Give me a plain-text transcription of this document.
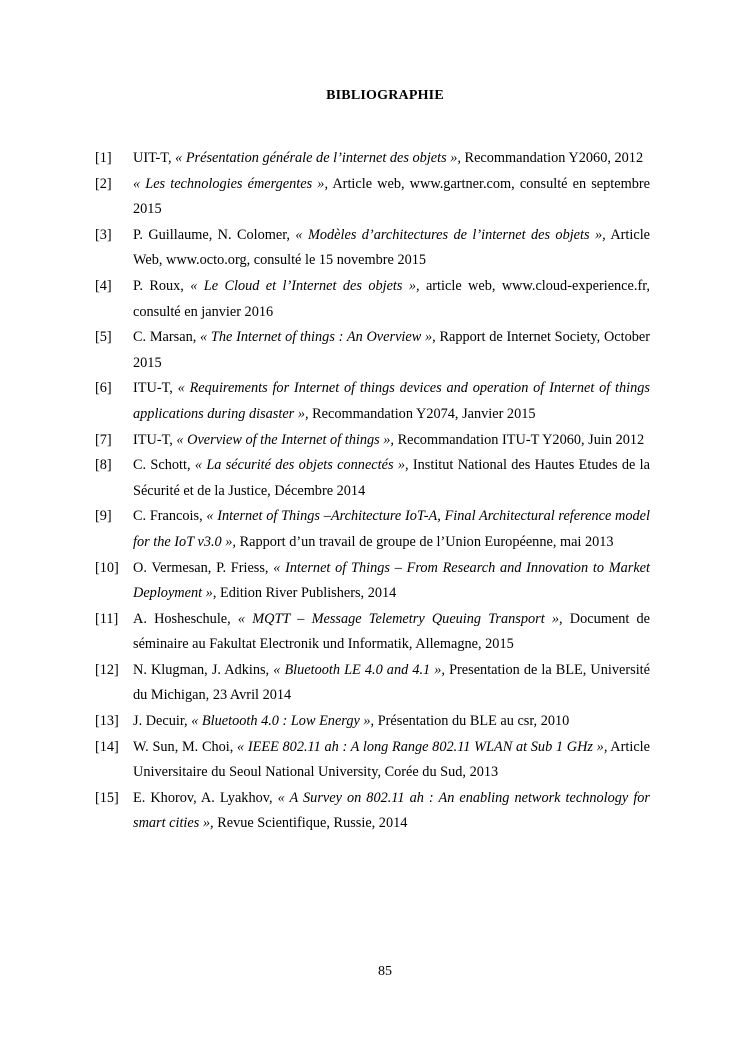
BIBLIOGRAPHIE
[1]	UIT-T, « Présentation générale de l’internet des objets », Recommandation Y2060, 2012
[2]	« Les technologies émergentes », Article web, www.gartner.com, consulté en septembre 2015
[3]	P. Guillaume, N. Colomer, « Modèles d’architectures de l’internet des objets », Article Web, www.octo.org, consulté le 15 novembre 2015
[4]	P. Roux, « Le Cloud et l’Internet des objets », article web, www.cloud-experience.fr, consulté en janvier 2016
[5]	C. Marsan, « The Internet of things : An Overview », Rapport de Internet Society, October 2015
[6]	ITU-T, « Requirements for Internet of things devices and operation of Internet of things applications during disaster », Recommandation Y2074, Janvier 2015
[7]	ITU-T, « Overview of the Internet of things », Recommandation ITU-T Y2060, Juin 2012
[8]	C. Schott, « La sécurité des objets connectés », Institut National des Hautes Etudes de la Sécurité et de la Justice, Décembre 2014
[9]	C. Francois, « Internet of Things –Architecture IoT-A, Final Architectural reference model for the IoT v3.0 », Rapport d’un travail de groupe de l’Union Européenne, mai 2013
[10] O. Vermesan, P. Friess, « Internet of Things – From Research and Innovation to Market Deployment », Edition River Publishers, 2014
[11]	A. Hosheschule, « MQTT – Message Telemetry Queuing Transport », Document de séminaire au Fakultat Electronik und Informatik, Allemagne, 2015
[12] N. Klugman, J. Adkins, « Bluetooth LE 4.0 and 4.1 », Presentation de la BLE, Université du Michigan, 23 Avril 2014
[13] J. Decuir, « Bluetooth 4.0 : Low Energy », Présentation du BLE au csr, 2010
[14] W. Sun, M. Choi, « IEEE 802.11 ah : A long Range 802.11 WLAN at Sub 1 GHz », Article Universitaire du Seoul National University, Corée du Sud, 2013
[15] E. Khorov, A. Lyakhov, « A Survey on 802.11 ah : An enabling network technology for smart cities », Revue Scientifique, Russie, 2014
85
